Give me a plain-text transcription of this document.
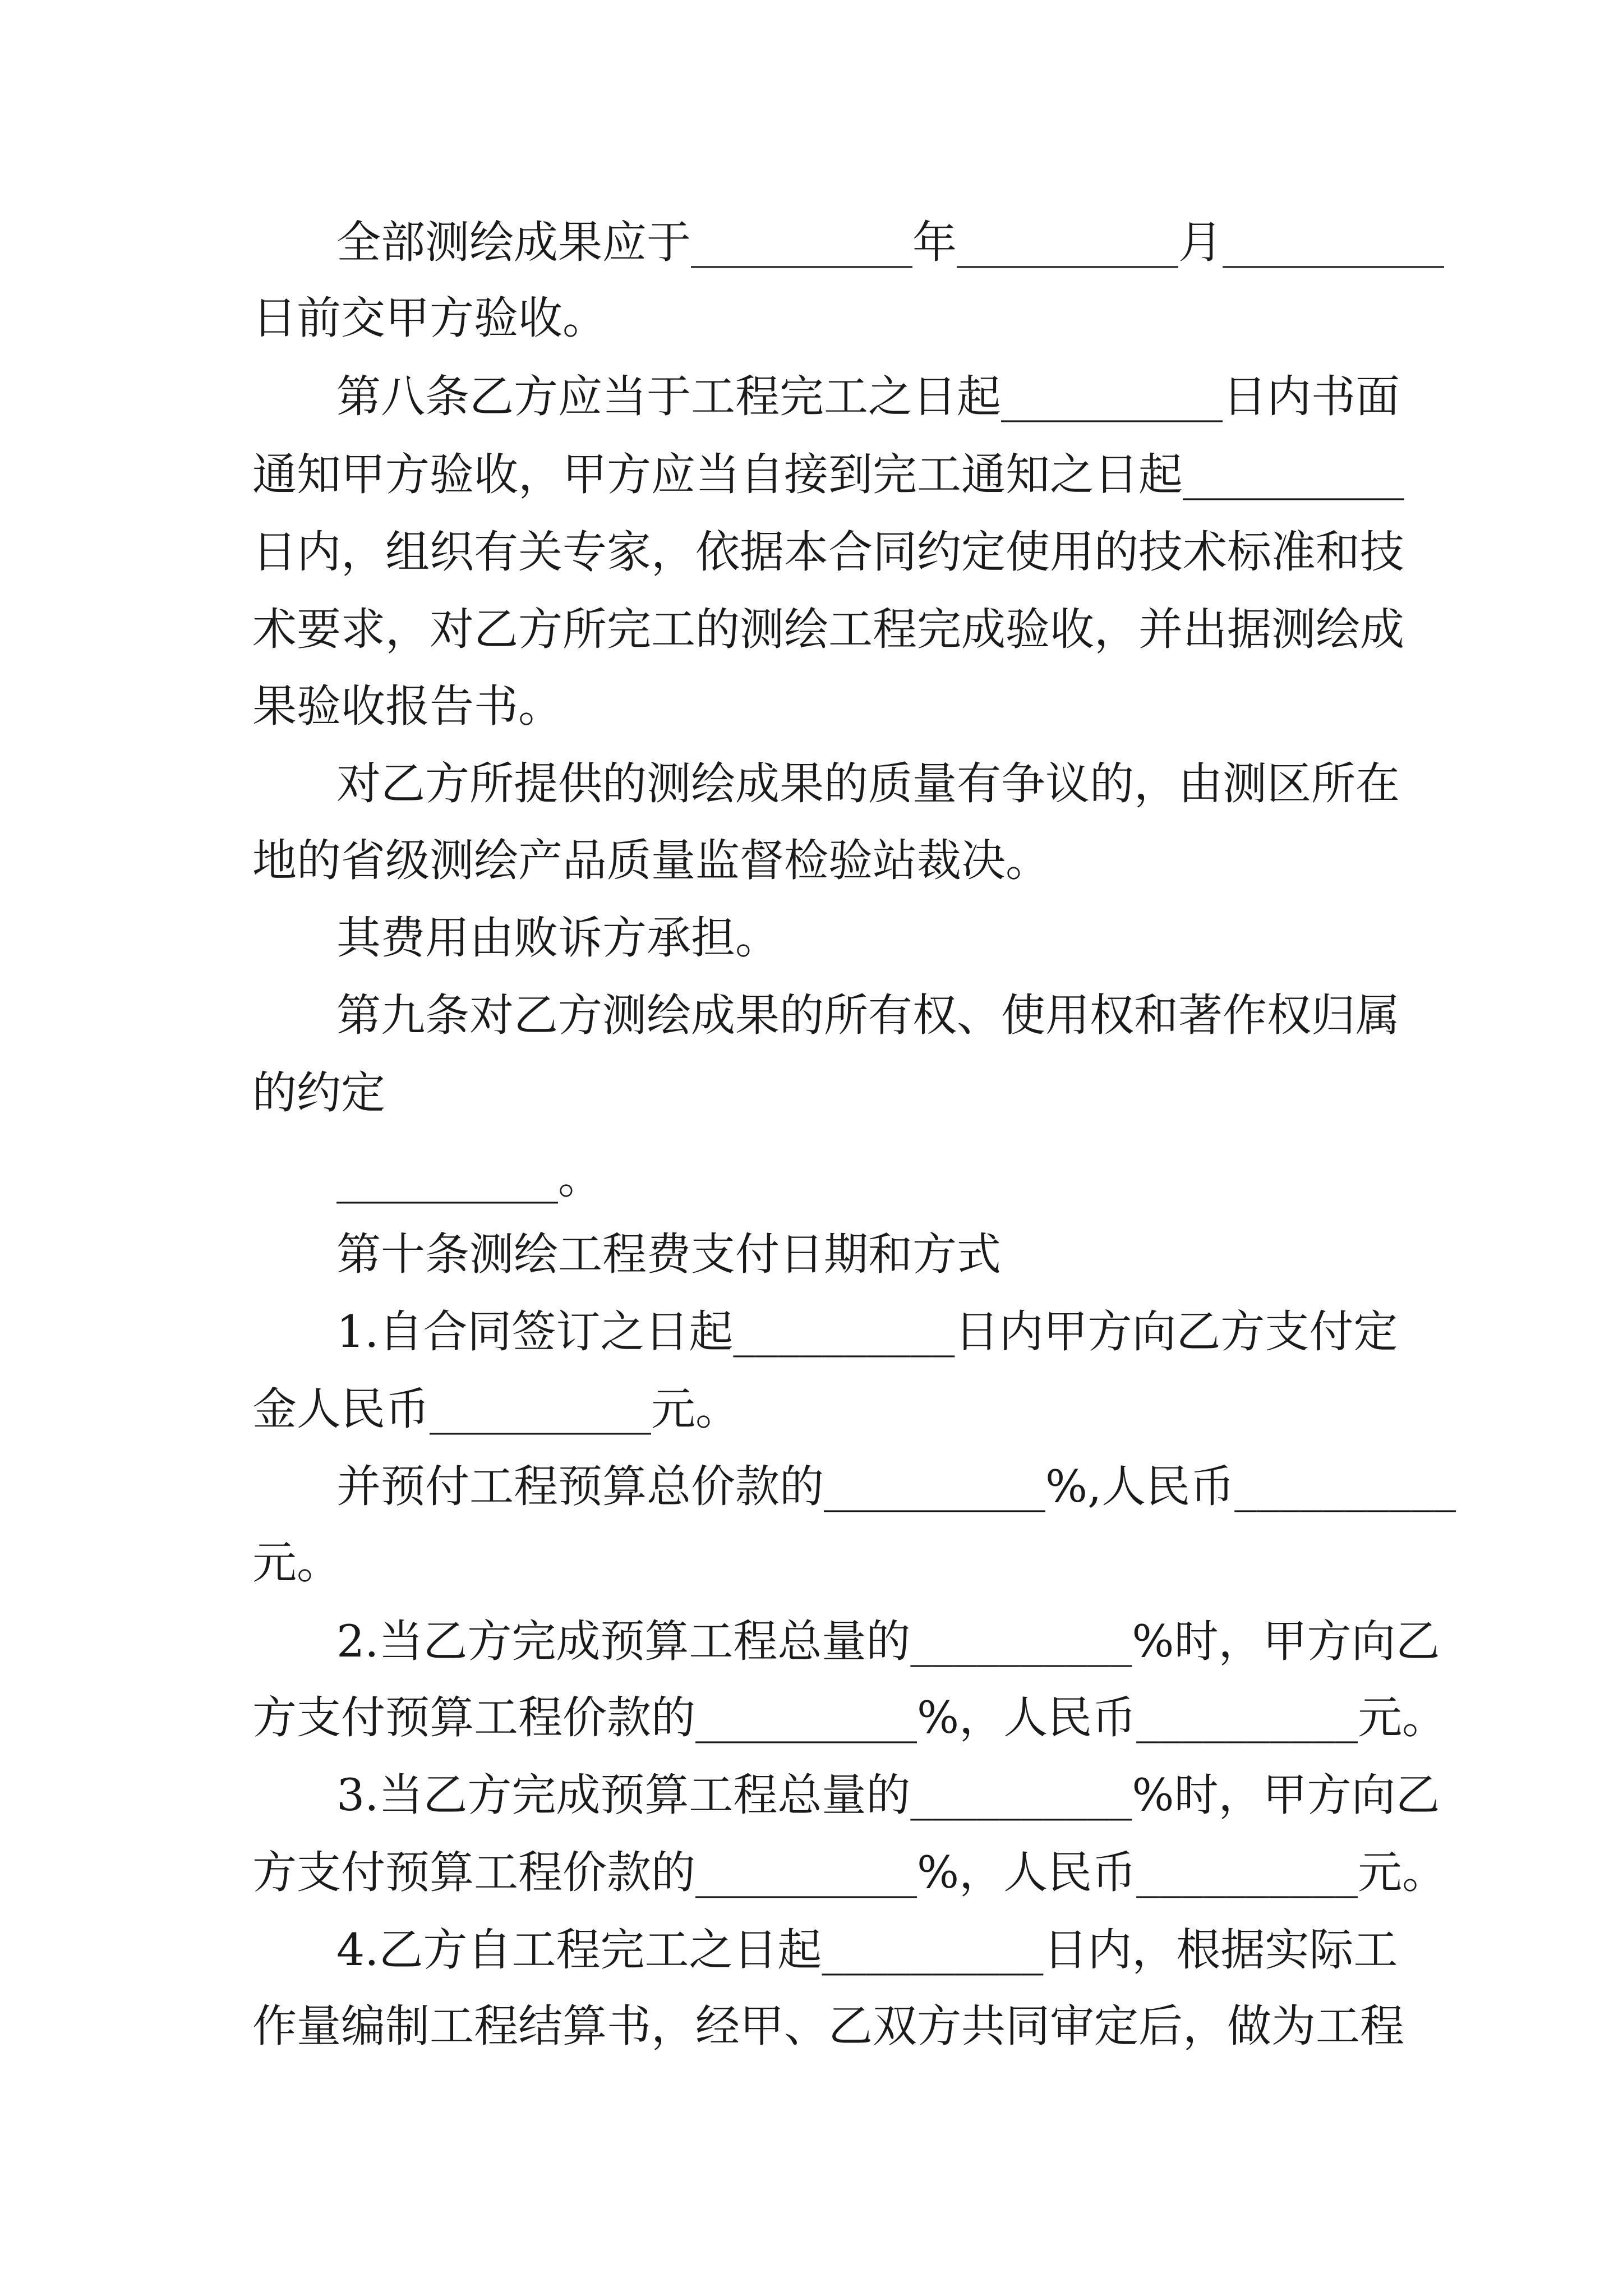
全部测绘成果应于__________年__________月__________
日前交甲方验收。
第八条乙方应当于工程完工之日起__________日内书面
通知甲方验收，甲方应当自接到完工通知之日起__________
日内，组织有关专家，依据本合同约定使用的技术标准和技
术要求，对乙方所完工的测绘工程完成验收，并出据测绘成
果验收报告书。
对乙方所提供的测绘成果的质量有争议的，由测区所在
地的省级测绘产品质量监督检验站裁决。
其费用由败诉方承担。
第九条对乙方测绘成果的所有权、使用权和著作权归属
的约定
__________。
第十条测绘工程费支付日期和方式
1.自合同签订之日起__________日内甲方向乙方支付定
金人民币__________元。
并预付工程预算总价款的__________%,人民币__________
元。
2.当乙方完成预算工程总量的__________%时，甲方向乙
方支付预算工程价款的__________%，人民币__________元。
3.当乙方完成预算工程总量的__________%时，甲方向乙
方支付预算工程价款的__________%，人民币__________元。
4.乙方自工程完工之日起__________日内，根据实际工
作量编制工程结算书，经甲、乙双方共同审定后，做为工程
